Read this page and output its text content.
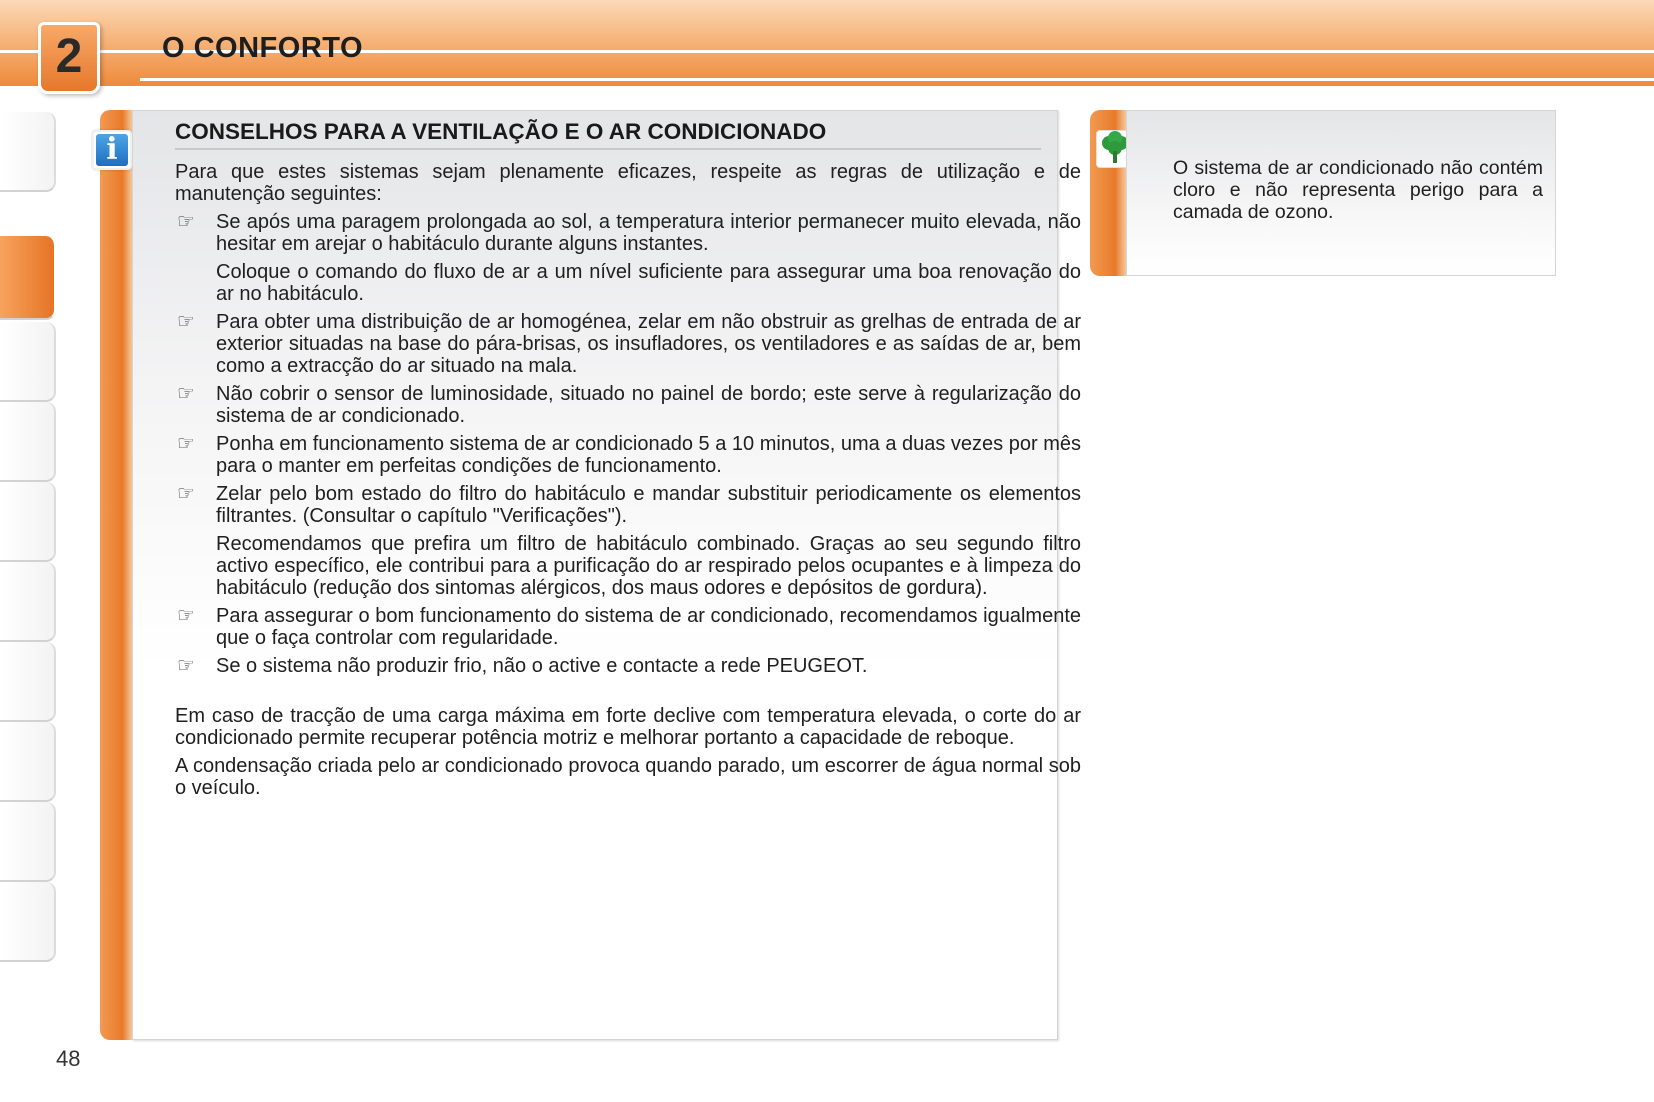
2	O CONFORTO
i
CONSELHOS PARA A VENTILAÇÃO E O AR CONDICIONADO

Para que estes sistemas sejam plenamente eficazes, respeite as regras de utilização e de manutenção seguintes:

☞ Se após uma paragem prolongada ao sol, a temperatura interior permanecer muito elevada, não hesitar em arejar o habitáculo durante alguns instantes.

Coloque o comando do fluxo de ar a um nível suficiente para assegurar uma boa renovação do ar no habitáculo.

☞ Para obter uma distribuição de ar homogénea, zelar em não obstruir as grelhas de entrada de ar exterior situadas na base do pára-brisas, os insufladores, os ventiladores e as saídas de ar, bem como a extracção do ar situado na mala.
☞ Não cobrir o sensor de luminosidade, situado no painel de bordo; este serve à regularização do sistema de ar condicionado.
☞ Ponha em funcionamento sistema de ar condicionado 5 a 10 minutos, uma a duas vezes por mês para o manter em perfeitas condições de funcionamento.
☞ Zelar pelo bom estado do filtro do habitáculo e mandar substituir periodicamente os elementos filtrantes. (Consultar o capítulo "Verificações").

Recomendamos que prefira um filtro de habitáculo combinado. Graças ao seu segundo filtro activo específico, ele contribui para a purificação do ar respirado pelos ocupantes e à limpeza do habitáculo (redução dos sintomas alérgicos, dos maus odores e depósitos de gordura).

☞ Para assegurar o bom funcionamento do sistema de ar condicionado, recomendamos igualmente que o faça controlar com regularidade.
☞ Se o sistema não produzir frio, não o active e contacte a rede PEUGEOT.

Em caso de tracção de uma carga máxima em forte declive com temperatura elevada, o corte do ar condicionado permite recuperar potência motriz e melhorar portanto a capacidade de reboque.

A condensação criada pelo ar condicionado provoca quando parado, um escorrer de água normal sob o veículo.

O sistema de ar condicionado não contém cloro e não representa perigo para a camada de ozono.
48
